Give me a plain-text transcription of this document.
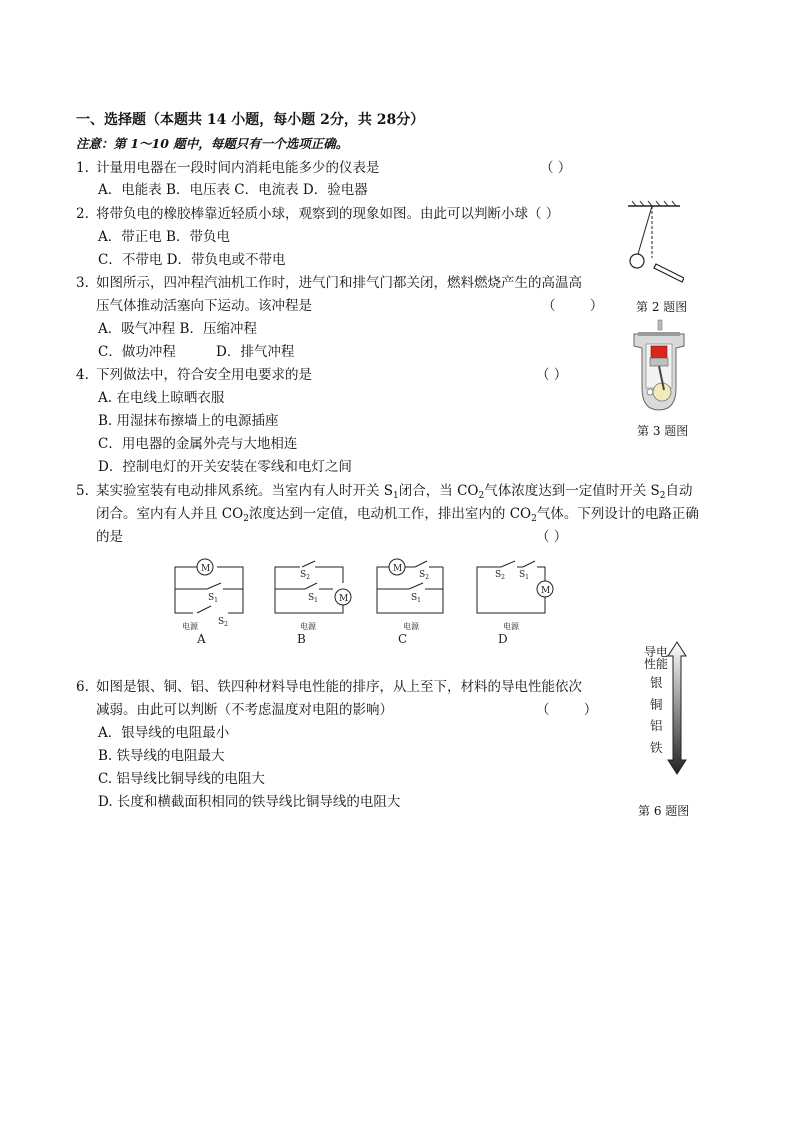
一、选择题（本题共 14 小题，每小题 2分，共 28分）
注意：第 1～10 题中，每题只有一个选项正确。
1. 计量用电器在一段时间内消耗电能多少的仪表是	（ ）
A．电能表 B．电压表 C．电流表 D．验电器
2. 将带负电的橡胶棒靠近轻质小球，观察到的现象如图。由此可以判断小球（ ）
A．带正电 B．带负电
C．不带电 D．带负电或不带电
3. 如图所示，四冲程汽油机工作时，进气门和排气门都关闭，燃料燃烧产生的高温高
压气体推动活塞向下运动。该冲程是	（ ）
A．吸气冲程 B．压缩冲程
C．做功冲程	D．排气冲程
4. 下列做法中，符合安全用电要求的是	（ ）
A. 在电线上晾晒衣服
B. 用湿抹布擦墙上的电源插座
C．用电器的金属外壳与大地相连
D．控制电灯的开关安装在零线和电灯之间
5. 某实验室装有电动排风系统。当室内有人时开关 $S_1$闭合，当 $CO_2$气体浓度达到一定值时开关 $S_2$自动
闭合。室内有人并且 $CO_2$浓度达到一定值，电动机工作，排出室内的 $CO_2$气体。下列设计的电路正确
的是	（ ）
M
$S_1$
$S_2$
电源
$S_2$
$S_1$ M
电源
M
$S_2$
$S_1$
电源
$S_2$ $S_1$
M
电源
A	B	C	D
6. 如图是银、铜、铝、铁四种材料导电性能的排序，从上至下，材料的导电性能依次
减弱。由此可以判断（不考虑温度对电阻的影响）	（ ）
A．银导线的电阻最小
B. 铁导线的电阻最大
C. 铝导线比铜导线的电阻大
D. 长度和横截面积相同的铁导线比铜导线的电阻大
第 2 题图
第 3 题图
导电
性能
银
铜
铝
铁
第 6 题图
